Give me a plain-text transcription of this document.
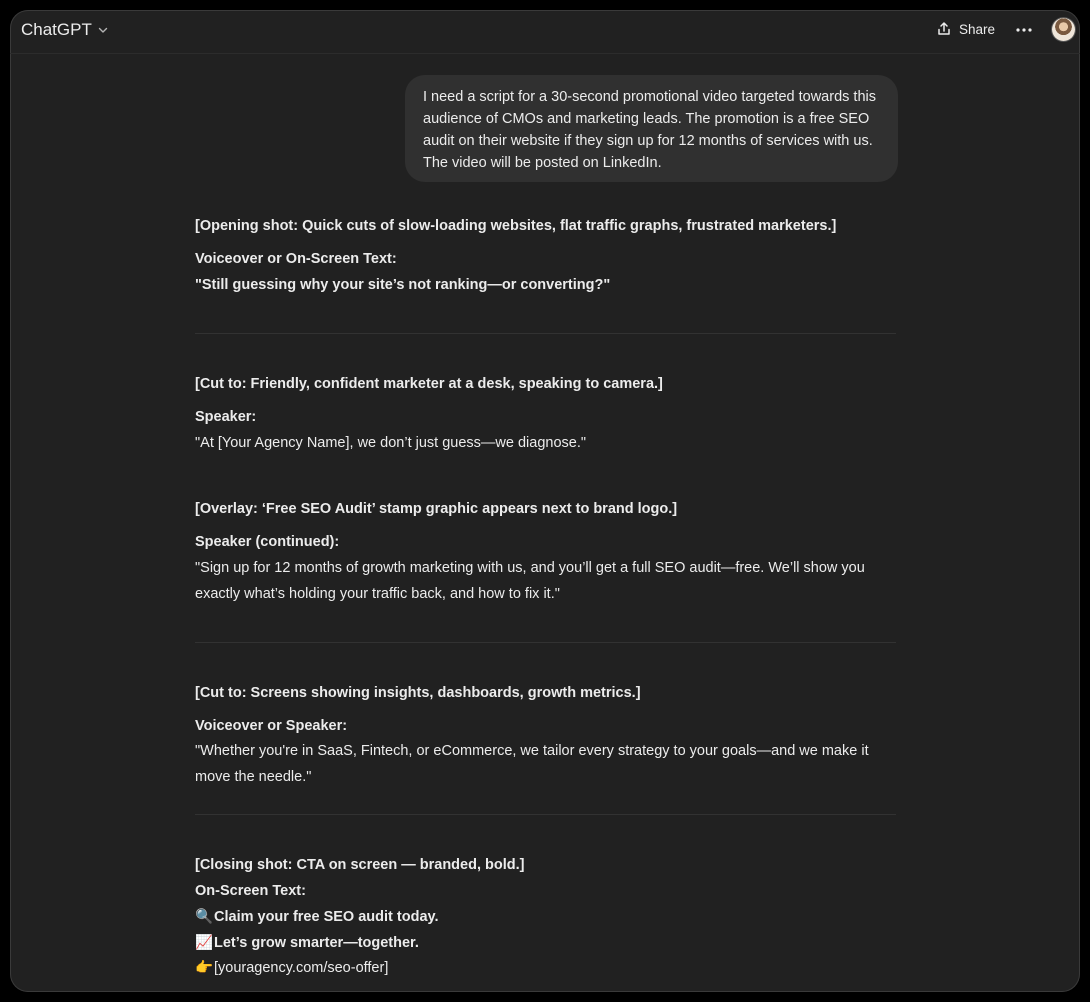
ChatGPT	Share
I need a script for a 30-second promotional video targeted towards this audience of CMOs and marketing leads. The promotion is a free SEO audit on their website if they sign up for 12 months of services with us. The video will be posted on LinkedIn.
[Opening shot: Quick cuts of slow-loading websites, flat traffic graphs, frustrated marketers.]
Voiceover or On-Screen Text:
"Still guessing why your site’s not ranking—or converting?"
[Cut to: Friendly, confident marketer at a desk, speaking to camera.]
Speaker:
"At [Your Agency Name], we don’t just guess—we diagnose."
[Overlay: ‘Free SEO Audit’ stamp graphic appears next to brand logo.]
Speaker (continued):
"Sign up for 12 months of growth marketing with us, and you’ll get a full SEO audit—free. We’ll show you exactly what’s holding your traffic back, and how to fix it."
[Cut to: Screens showing insights, dashboards, growth metrics.]
Voiceover or Speaker:
"Whether you're in SaaS, Fintech, or eCommerce, we tailor every strategy to your goals—and we make it move the needle."
[Closing shot: CTA on screen — branded, bold.]
On-Screen Text:
🔍Claim your free SEO audit today.
📈Let’s grow smarter—together.
👉[youragency.com/seo-offer]
